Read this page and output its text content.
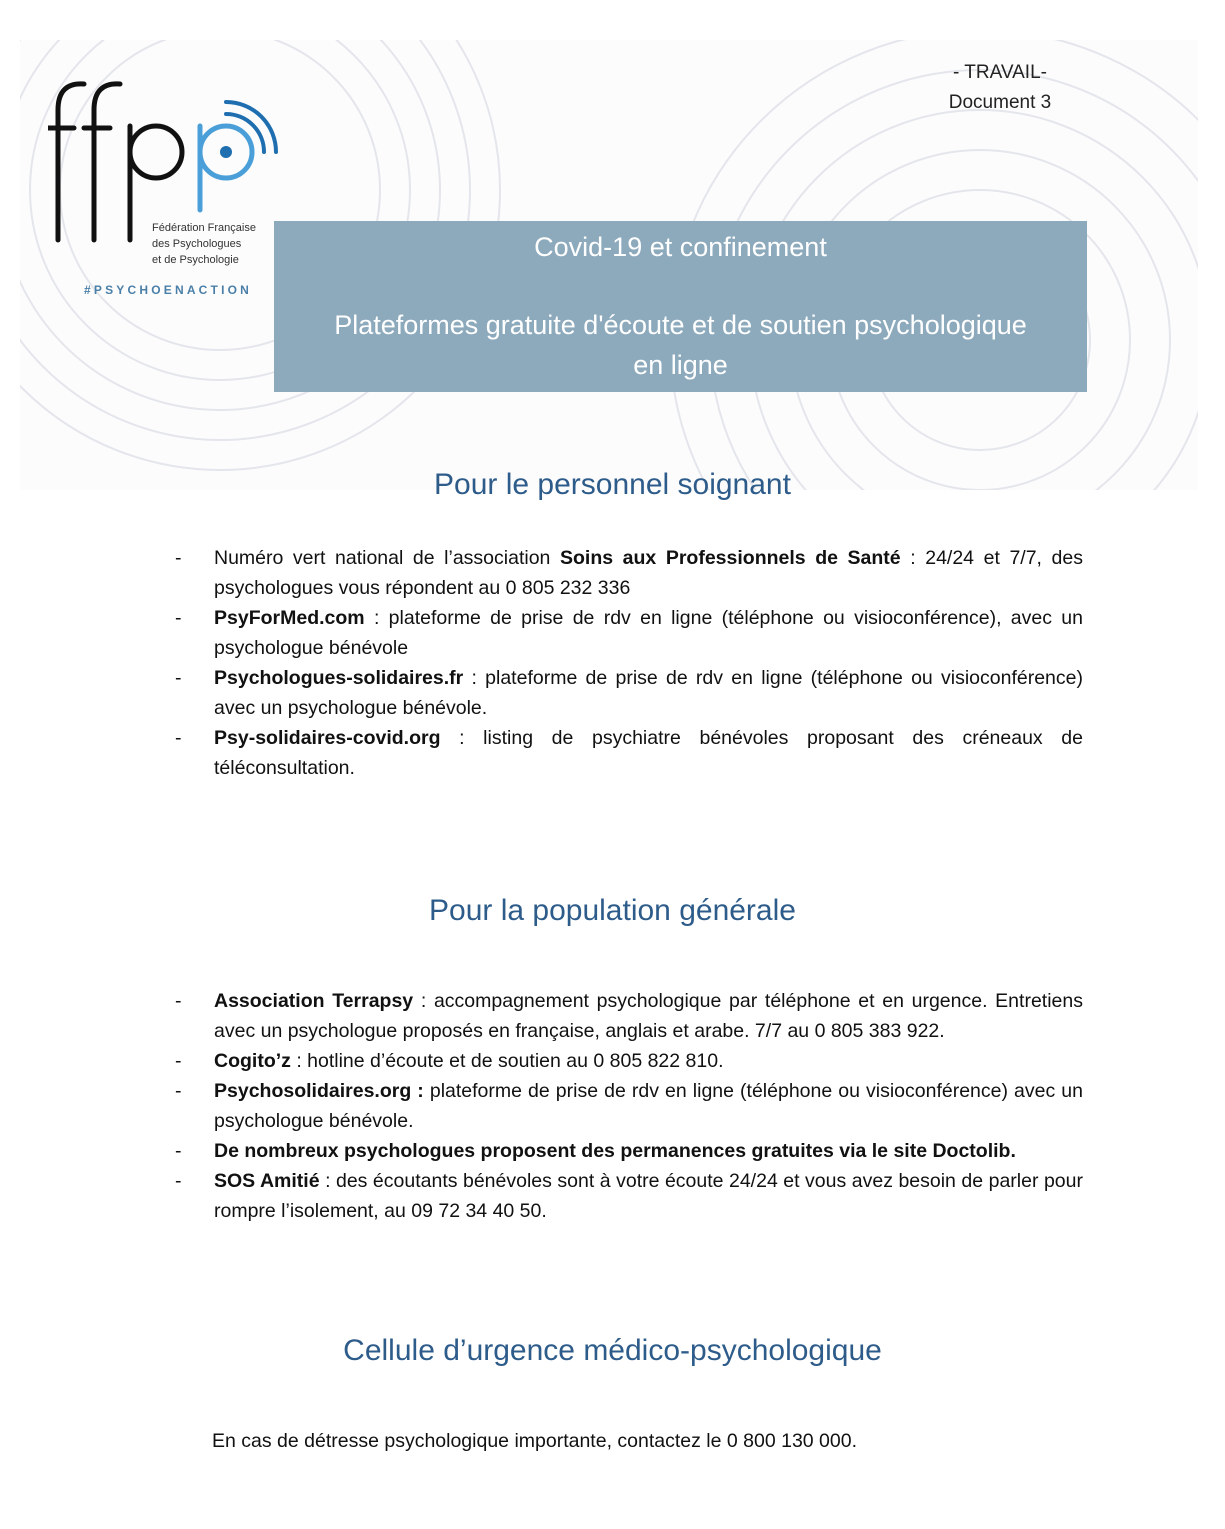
Fédération Française
des Psychologues
et de Psychologie
#PSYCHOENACTION
- TRAVAIL-
Document 3
Covid-19 et confinement
Plateformes gratuite d'écoute et de soutien psychologique en ligne
Pour le personnel soignant
- Numéro vert national de l’association Soins aux Professionnels de Santé : 24/24 et 7/7, des psychologues vous répondent au 0 805 232 336
- PsyForMed.com : plateforme de prise de rdv en ligne (téléphone ou visioconférence), avec un psychologue bénévole
- Psychologues-solidaires.fr : plateforme de prise de rdv en ligne (téléphone ou visioconférence) avec un psychologue bénévole.
- Psy-solidaires-covid.org : listing de psychiatre bénévoles proposant des créneaux de téléconsultation.
Pour la population générale
- Association Terrapsy : accompagnement psychologique par téléphone et en urgence. Entretiens avec un psychologue proposés en française, anglais et arabe. 7/7 au 0 805 383 922.
- Cogito’z : hotline d’écoute et de soutien au 0 805 822 810.
- Psychosolidaires.org : plateforme de prise de rdv en ligne (téléphone ou visioconférence) avec un psychologue bénévole.
- De nombreux psychologues proposent des permanences gratuites via le site Doctolib.
- SOS Amitié : des écoutants bénévoles sont à votre écoute 24/24 et vous avez besoin de parler pour rompre l’isolement, au 09 72 34 40 50.
Cellule d’urgence médico-psychologique
En cas de détresse psychologique importante, contactez le 0 800 130 000.
